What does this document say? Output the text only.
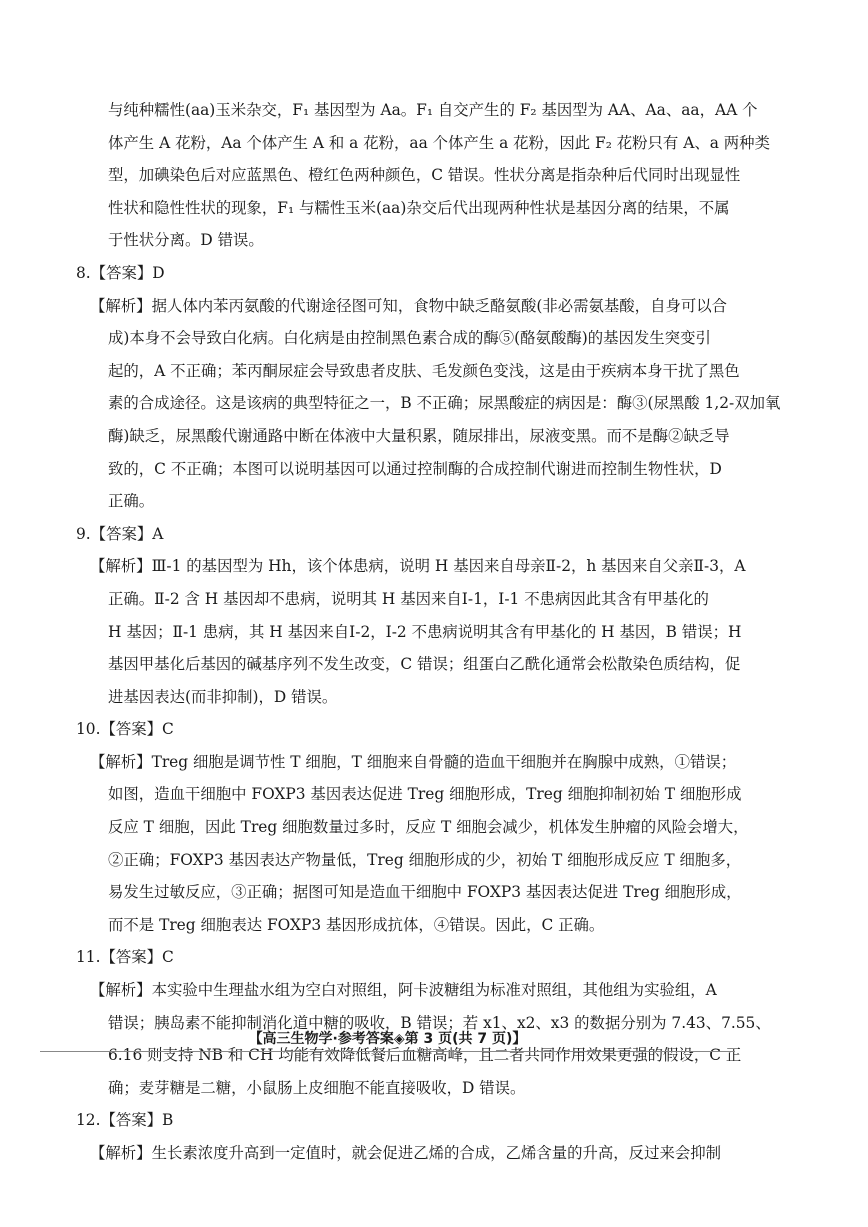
与纯种糯性(aa)玉米杂交，F₁ 基因型为 Aa。F₁ 自交产生的 F₂ 基因型为 AA、Aa、aa，AA 个
体产生 A 花粉，Aa 个体产生 A 和 a 花粉，aa 个体产生 a 花粉，因此 F₂ 花粉只有 A、a 两种类
型，加碘染色后对应蓝黑色、橙红色两种颜色，C 错误。性状分离是指杂种后代同时出现显性
性状和隐性性状的现象，F₁ 与糯性玉米(aa)杂交后代出现两种性状是基因分离的结果，不属
于性状分离。D 错误。
8.【答案】D
【解析】据人体内苯丙氨酸的代谢途径图可知，食物中缺乏酪氨酸(非必需氨基酸，自身可以合
成)本身不会导致白化病。白化病是由控制黑色素合成的酶⑤(酪氨酸酶)的基因发生突变引
起的，A 不正确；苯丙酮尿症会导致患者皮肤、毛发颜色变浅，这是由于疾病本身干扰了黑色
素的合成途径。这是该病的典型特征之一，B 不正确；尿黑酸症的病因是：酶③(尿黑酸 1,2-双加氧
酶)缺乏，尿黑酸代谢通路中断在体液中大量积累，随尿排出，尿液变黑。而不是酶②缺乏导
致的，C 不正确；本图可以说明基因可以通过控制酶的合成控制代谢进而控制生物性状，D
正确。
9.【答案】A
【解析】Ⅲ-1 的基因型为 Hh，该个体患病，说明 H 基因来自母亲Ⅱ-2，h 基因来自父亲Ⅱ-3，A
正确。Ⅱ-2 含 H 基因却不患病，说明其 H 基因来自Ⅰ-1，Ⅰ-1 不患病因此其含有甲基化的
H 基因；Ⅱ-1 患病，其 H 基因来自Ⅰ-2，Ⅰ-2 不患病说明其含有甲基化的 H 基因，B 错误；H
基因甲基化后基因的碱基序列不发生改变，C 错误；组蛋白乙酰化通常会松散染色质结构，促
进基因表达(而非抑制)，D 错误。
10.【答案】C
【解析】Treg 细胞是调节性 T 细胞，T 细胞来自骨髓的造血干细胞并在胸腺中成熟，①错误；
如图，造血干细胞中 FOXP3 基因表达促进 Treg 细胞形成，Treg 细胞抑制初始 T 细胞形成
反应 T 细胞，因此 Treg 细胞数量过多时，反应 T 细胞会减少，机体发生肿瘤的风险会增大，
②正确；FOXP3 基因表达产物量低，Treg 细胞形成的少，初始 T 细胞形成反应 T 细胞多，
易发生过敏反应，③正确；据图可知是造血干细胞中 FOXP3 基因表达促进 Treg 细胞形成，
而不是 Treg 细胞表达 FOXP3 基因形成抗体，④错误。因此，C 正确。
11.【答案】C
【解析】本实验中生理盐水组为空白对照组，阿卡波糖组为标准对照组，其他组为实验组，A
错误；胰岛素不能抑制消化道中糖的吸收，B 错误；若 x1、x2、x3 的数据分别为 7.43、7.55、
6.16 则支持 NB 和 CH 均能有效降低餐后血糖高峰，且二者共同作用效果更强的假设，C 正
确；麦芽糖是二糖，小鼠肠上皮细胞不能直接吸收，D 错误。
12.【答案】B
【解析】生长素浓度升高到一定值时，就会促进乙烯的合成，乙烯含量的升高，反过来会抑制
【高三生物学·参考答案◈第 3 页(共 7 页)】
